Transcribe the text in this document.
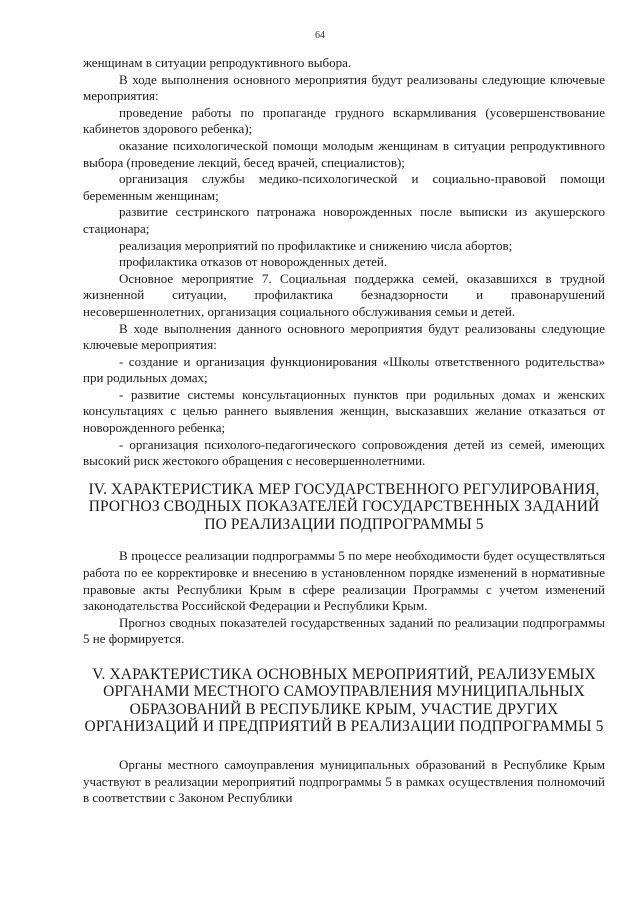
64

женщинам в ситуации репродуктивного выбора.

В ходе выполнения основного мероприятия будут реализованы следующие ключевые мероприятия:

проведение работы по пропаганде грудного вскармливания (усовершенствование кабинетов здорового ребенка);

оказание психологической помощи молодым женщинам в ситуации репродуктивного выбора (проведение лекций, бесед врачей, специалистов);

организация службы медико-психологической и социально-правовой помощи беременным женщинам;

развитие сестринского патронажа новорожденных после выписки из акушерского стационара;

реализация мероприятий по профилактике и снижению числа абортов;

профилактика отказов от новорожденных детей.

Основное мероприятие 7. Социальная поддержка семей, оказавшихся в трудной жизненной ситуации, профилактика безнадзорности и правонарушений несовершеннолетних, организация социального обслуживания семьи и детей.

В ходе выполнения данного основного мероприятия будут реализованы следующие ключевые мероприятия:

- создание и организация функционирования «Школы ответственного родительства» при родильных домах;

- развитие системы консультационных пунктов при родильных домах и женских консультациях с целью раннего выявления женщин, высказавших желание отказаться от новорожденного ребенка;

- организация психолого-педагогического сопровождения детей из семей, имеющих высокий риск жестокого обращения с несовершеннолетними.

IV. ХАРАКТЕРИСТИКА МЕР ГОСУДАРСТВЕННОГО РЕГУЛИРОВАНИЯ,

ПРОГНОЗ СВОДНЫХ ПОКАЗАТЕЛЕЙ ГОСУДАРСТВЕННЫХ ЗАДАНИЙ

ПО РЕАЛИЗАЦИИ ПОДПРОГРАММЫ 5

В процессе реализации подпрограммы 5 по мере необходимости будет осуществляться работа по ее корректировке и внесению в установленном порядке изменений в нормативные правовые акты Республики Крым в сфере реализации Программы с учетом изменений законодательства Российской Федерации и Республики Крым.

Прогноз сводных показателей государственных заданий по реализации подпрограммы 5 не формируется.

V. ХАРАКТЕРИСТИКА ОСНОВНЫХ МЕРОПРИЯТИЙ, РЕАЛИЗУЕМЫХ

ОРГАНАМИ МЕСТНОГО САМОУПРАВЛЕНИЯ МУНИЦИПАЛЬНЫХ

ОБРАЗОВАНИЙ В РЕСПУБЛИКЕ КРЫМ, УЧАСТИЕ ДРУГИХ

ОРГАНИЗАЦИЙ И ПРЕДПРИЯТИЙ В РЕАЛИЗАЦИИ ПОДПРОГРАММЫ 5

Органы местного самоуправления муниципальных образований в Республике Крым участвуют в реализации мероприятий подпрограммы 5 в рамках осуществления полномочий в соответствии с Законом Республики
